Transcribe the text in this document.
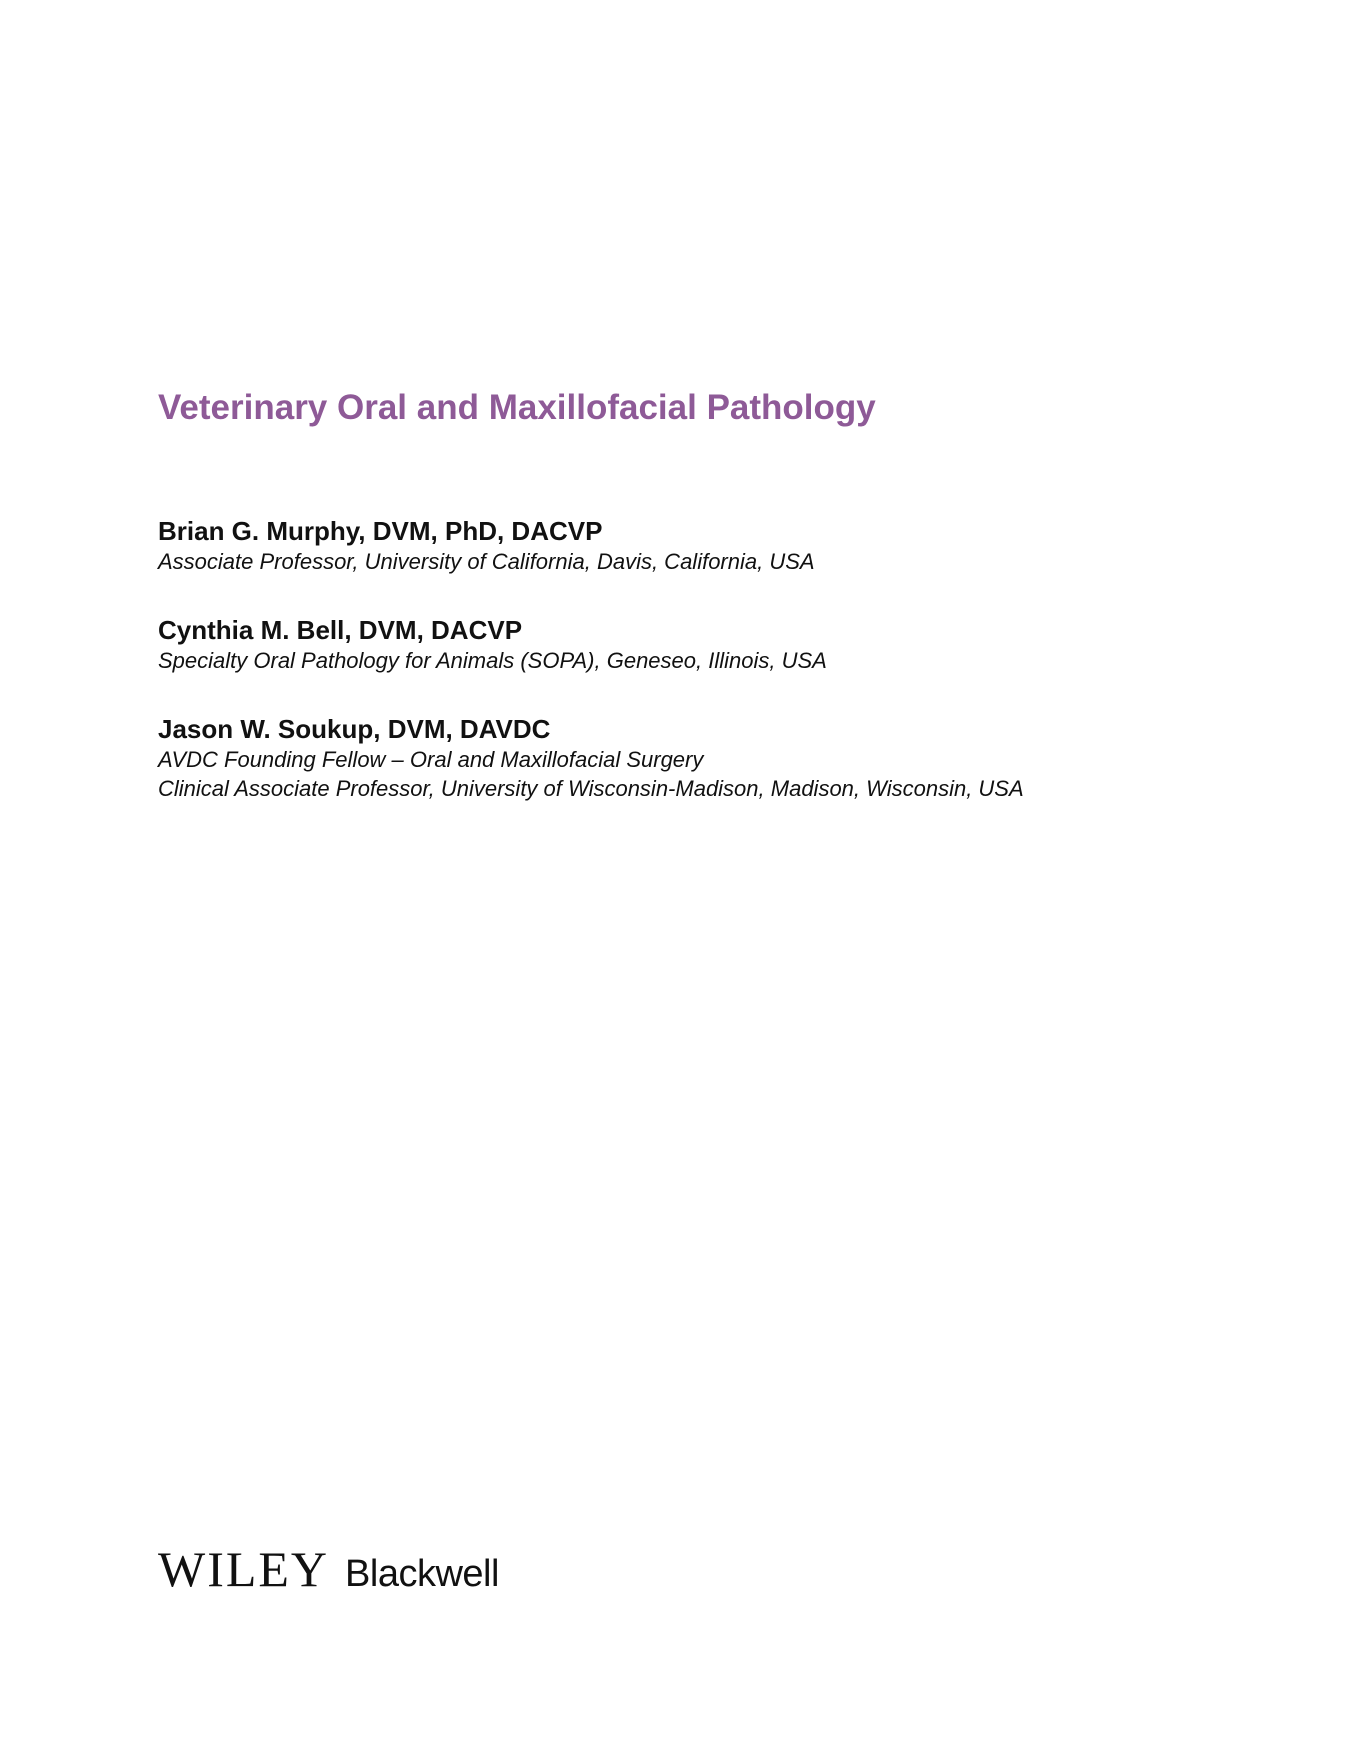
Veterinary Oral and Maxillofacial Pathology
Brian G. Murphy, DVM, PhD, DACVP
Associate Professor, University of California, Davis, California, USA
Cynthia M. Bell, DVM, DACVP
Specialty Oral Pathology for Animals (SOPA), Geneseo, Illinois, USA
Jason W. Soukup, DVM, DAVDC
AVDC Founding Fellow – Oral and Maxillofacial Surgery
Clinical Associate Professor, University of Wisconsin-Madison, Madison, Wisconsin, USA
WILEY Blackwell
